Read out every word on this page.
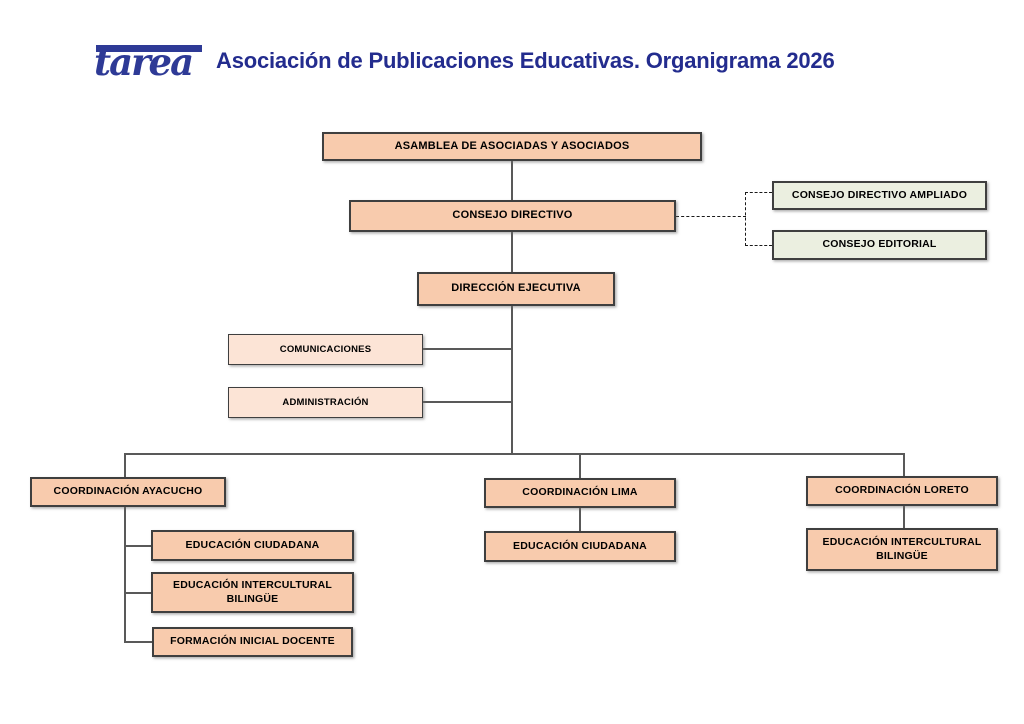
tarea Asociación de Publicaciones Educativas. Organigrama 2026
ASAMBLEA DE ASOCIADAS Y ASOCIADOS
CONSEJO DIRECTIVO
CONSEJO DIRECTIVO AMPLIADO
CONSEJO EDITORIAL
DIRECCIÓN EJECUTIVA
COMUNICACIONES
ADMINISTRACIÓN
COORDINACIÓN AYACUCHO	COORDINACIÓN LIMA	COORDINACIÓN LORETO
EDUCACIÓN CIUDADANA
EDUCACIÓN INTERCULTURAL BILINGÜE
FORMACIÓN INICIAL DOCENTE
EDUCACIÓN CIUDADANA	EDUCACIÓN INTERCULTURAL BILINGÜE
